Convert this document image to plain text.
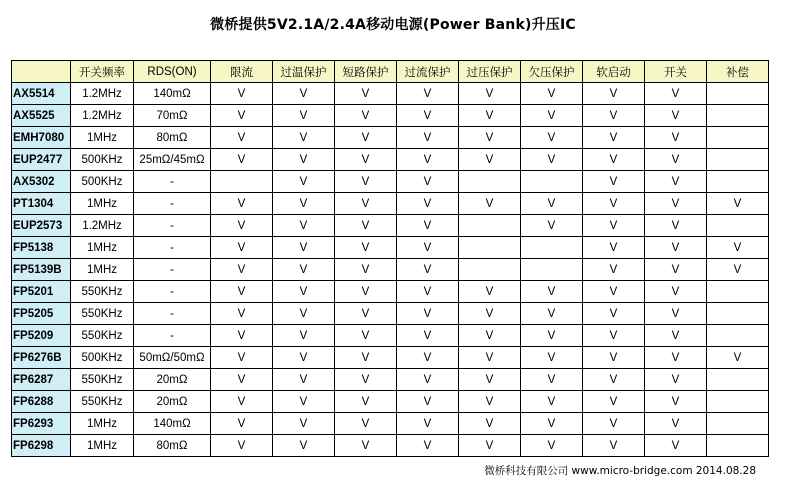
微桥提供5V2.1A/2.4A移动电源(Power Bank)升压IC
	开关频率	RDS(ON)	限流	过温保护	短路保护	过流保护	过压保护	欠压保护	软启动	开关	补偿
AX5514	1.2MHz	140mΩ	V	V	V	V	V	V	V	V	
AX5525	1.2MHz	70mΩ	V	V	V	V	V	V	V	V	
EMH7080	1MHz	80mΩ	V	V	V	V	V	V	V	V	
EUP2477	500KHz	25mΩ/45mΩ	V	V	V	V	V	V	V	V	
AX5302	500KHz	-		V	V	V			V	V	
PT1304	1MHz	-	V	V	V	V	V	V	V	V	V
EUP2573	1.2MHz	-	V	V	V	V		V	V	V	
FP5138	1MHz	-	V	V	V	V			V	V	V
FP5139B	1MHz	-	V	V	V	V			V	V	V
FP5201	550KHz	-	V	V	V	V	V	V	V	V	
FP5205	550KHz	-	V	V	V	V	V	V	V	V	
FP5209	550KHz	-	V	V	V	V	V	V	V	V	
FP6276B	500KHz	50mΩ/50mΩ	V	V	V	V	V	V	V	V	V
FP6287	550KHz	20mΩ	V	V	V	V	V	V	V	V	
FP6288	550KHz	20mΩ	V	V	V	V	V	V	V	V	
FP6293	1MHz	140mΩ	V	V	V	V	V	V	V	V	
FP6298	1MHz	80mΩ	V	V	V	V	V	V	V	V	
微桥科技有限公司 www.micro-bridge.com 2014.08.28
